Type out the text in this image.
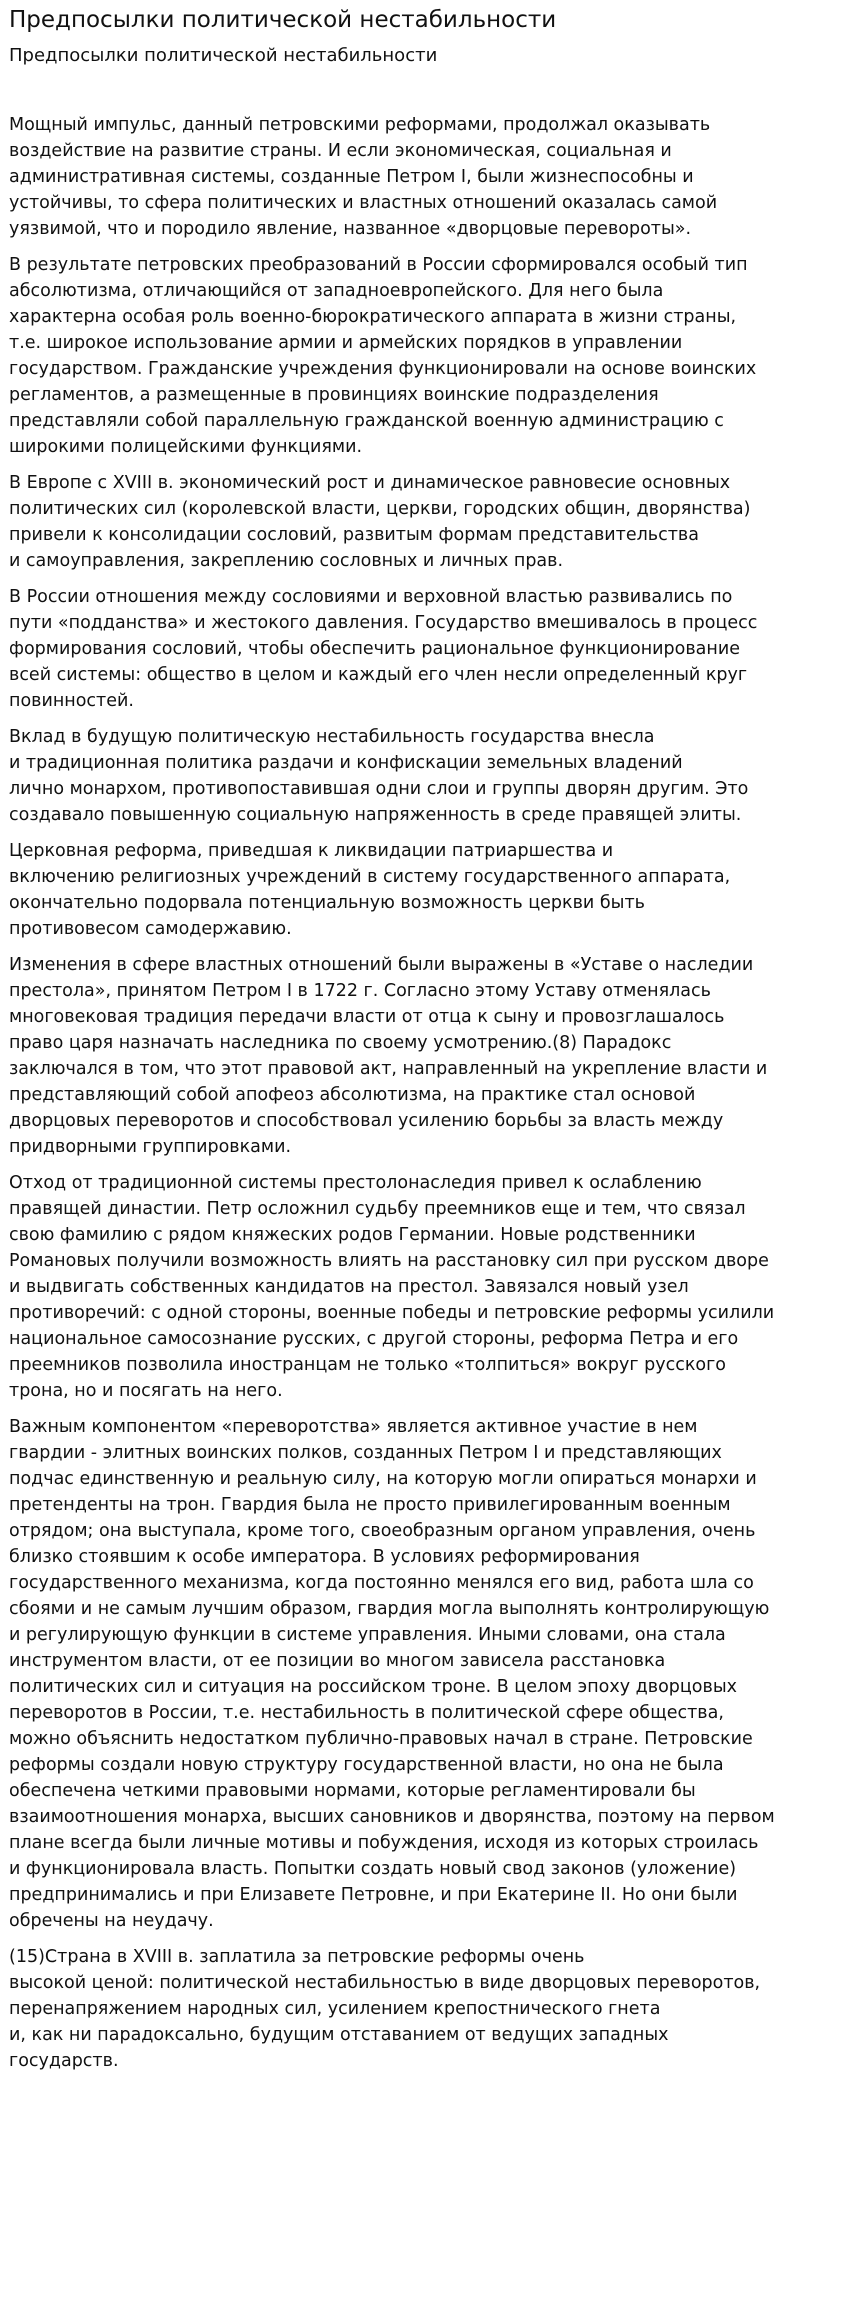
Предпосылки политической нестабильности
Предпосылки политической нестабильности

Мощный импульс, данный петровскими реформами, продолжал оказывать
воздействие на развитие страны. И если экономическая, социальная и
административная системы, созданные Петром I, были жизнеспособны и
устойчивы, то сфера политических и властных отношений оказалась самой
уязвимой, что и породило явление, названное «дворцовые перевороты».

В результате петровских преобразований в России сформировался особый тип
абсолютизма, отличающийся от западноевропейского. Для него была
характерна особая роль военно-бюрократического аппарата в жизни страны,
т.е. широкое использование армии и армейских порядков в управлении
государством. Гражданские учреждения функционировали на основе воинских
регламентов, а размещенные в провинциях воинские подразделения
представляли собой параллельную гражданской военную администрацию с
широкими полицейскими функциями.

В Европе с XVIII в. экономический рост и динамическое равновесие основных
политических сил (королевской власти, церкви, городских общин, дворянства)
привели к консолидации сословий, развитым формам представительства
и самоуправления, закреплению сословных и личных прав.

В России отношения между сословиями и верховной властью развивались по
пути «подданства» и жестокого давления. Государство вмешивалось в процесс
формирования сословий, чтобы обеспечить рациональное функционирование
всей системы: общество в целом и каждый его член несли определенный круг
повинностей.

Вклад в будущую политическую нестабильность государства внесла
и традиционная политика раздачи и конфискации земельных владений
лично монархом, противопоставившая одни слои и группы дворян другим. Это
создавало повышенную социальную напряженность в среде правящей элиты.

Церковная реформа, приведшая к ликвидации патриаршества и
включению религиозных учреждений в систему государственного аппарата,
окончательно подорвала потенциальную возможность церкви быть
противовесом самодержавию.

Изменения в сфере властных отношений были выражены в «Уставе о наследии
престола», принятом Петром I в 1722 г. Согласно этому Уставу отменялась
многовековая традиция передачи власти от отца к сыну и провозглашалось
право царя назначать наследника по своему усмотрению.(8) Парадокс
заключался в том, что этот правовой акт, направленный на укрепление власти и
представляющий собой апофеоз абсолютизма, на практике стал основой
дворцовых переворотов и способствовал усилению борьбы за власть между
придворными группировками.

Отход от традиционной системы престолонаследия привел к ослаблению
правящей династии. Петр осложнил судьбу преемников еще и тем, что связал
свою фамилию с рядом княжеских родов Германии. Новые родственники
Романовых получили возможность влиять на расстановку сил при русском дворе
и выдвигать собственных кандидатов на престол. Завязался новый узел
противоречий: с одной стороны, военные победы и петровские реформы усилили
национальное самосознание русских, с другой стороны, реформа Петра и его
преемников позволила иностранцам не только «толпиться» вокруг русского
трона, но и посягать на него.

Важным компонентом «переворотства» является активное участие в нем
гвардии - элитных воинских полков, созданных Петром I и представляющих
подчас единственную и реальную силу, на которую могли опираться монархи и
претенденты на трон. Гвардия была не просто привилегированным военным
отрядом; она выступала, кроме того, своеобразным органом управления, очень
близко стоявшим к особе императора. В условиях реформирования
государственного механизма, когда постоянно менялся его вид, работа шла со
сбоями и не самым лучшим образом, гвардия могла выполнять контролирующую
и регулирующую функции в системе управления. Иными словами, она стала
инструментом власти, от ее позиции во многом зависела расстановка
политических сил и ситуация на российском троне. В целом эпоху дворцовых
переворотов в России, т.е. нестабильность в политической сфере общества,
можно объяснить недостатком публично-правовых начал в стране. Петровские
реформы создали новую структуру государственной власти, но она не была
обеспечена четкими правовыми нормами, которые регламентировали бы
взаимоотношения монарха, высших сановников и дворянства, поэтому на первом
плане всегда были личные мотивы и побуждения, исходя из которых строилась
и функционировала власть. Попытки создать новый свод законов (уложение)
предпринимались и при Елизавете Петровне, и при Екатерине II. Но они были
обречены на неудачу.

(15)Страна в XVIII в. заплатила за петровские реформы очень
высокой ценой: политической нестабильностью в виде дворцовых переворотов,
перенапряжением народных сил, усилением крепостнического гнета
и, как ни парадоксально, будущим отставанием от ведущих западных
государств.
